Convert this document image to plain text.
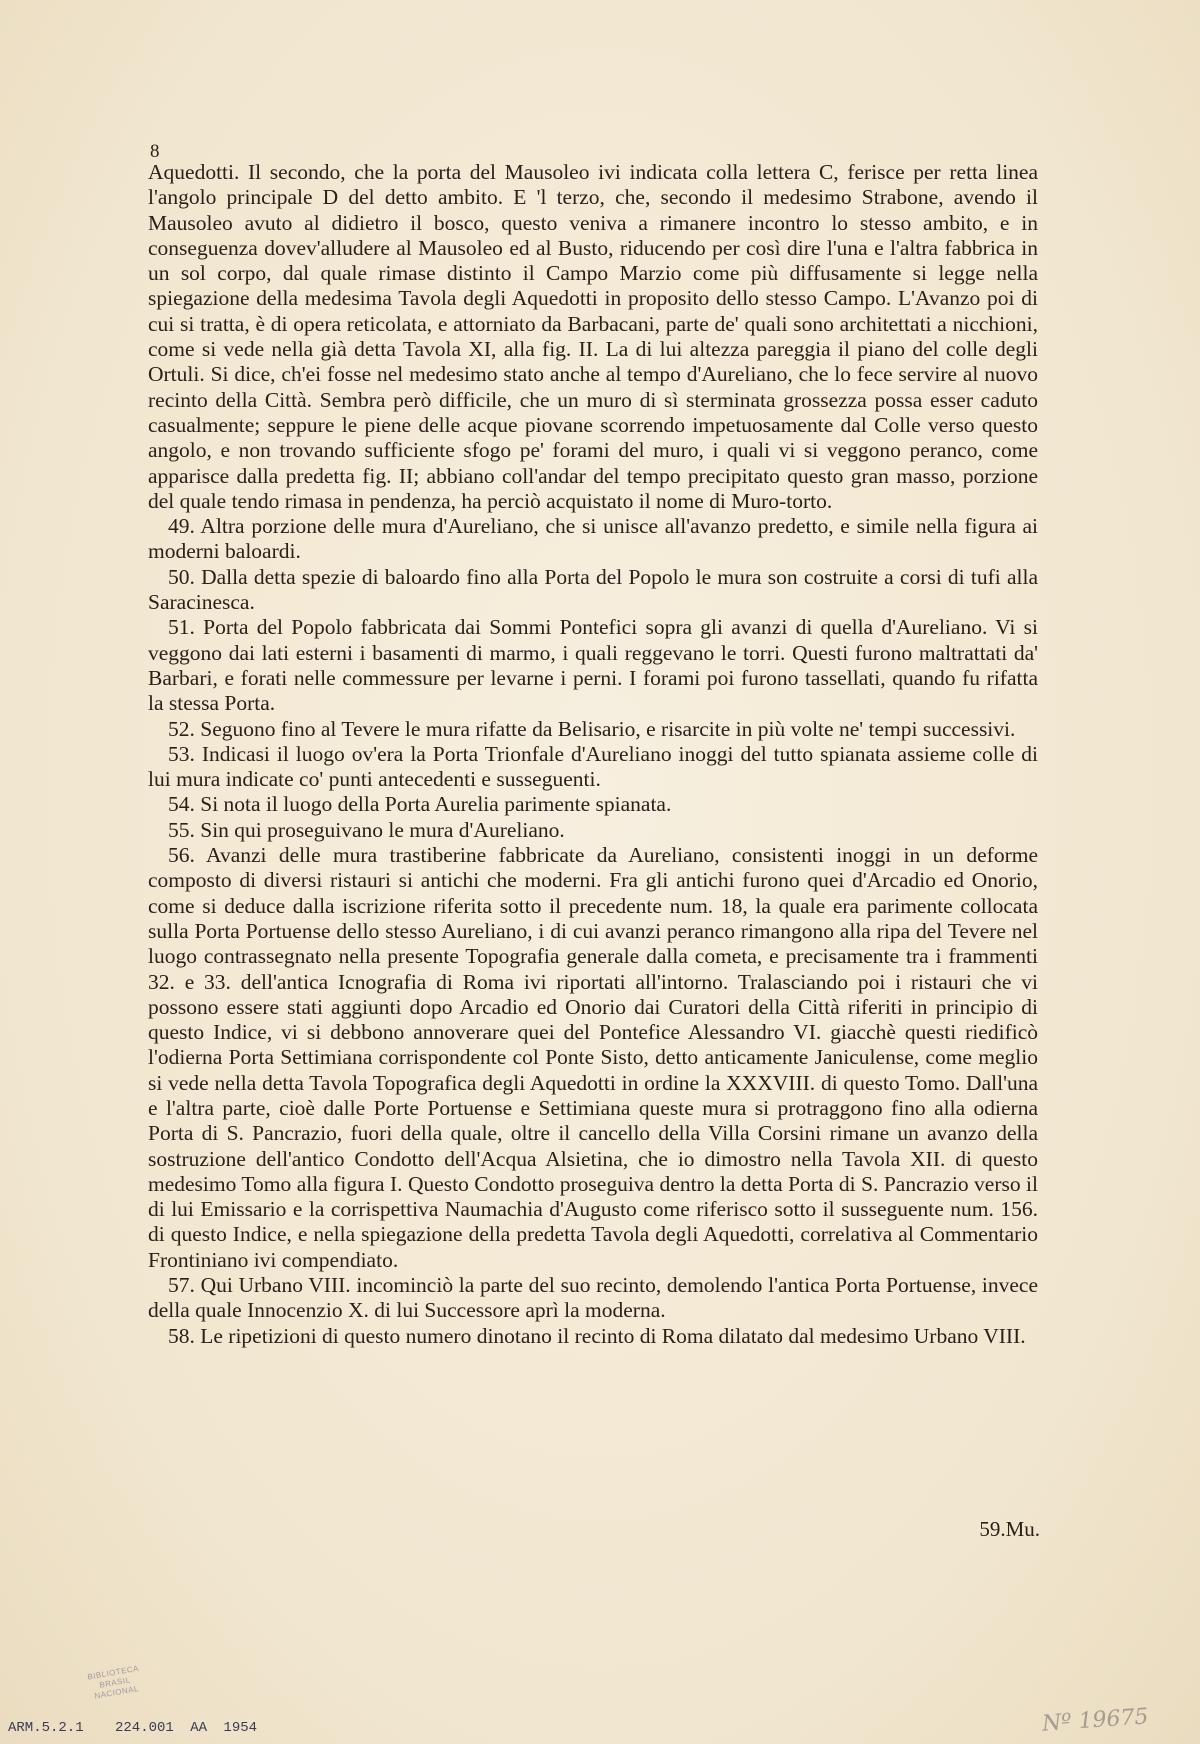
8

Aquedotti. Il secondo, che la porta del Mausoleo ivi indicata colla lettera C, ferisce per retta linea l'angolo principale D del detto ambito. E 'l terzo, che, secondo il medesimo Strabone, avendo il Mausoleo avuto al didietro il bosco, questo veniva a rimanere incontro lo stesso ambito, e in conseguenza dovev'alludere al Mausoleo ed al Busto, riducendo per così dire l'una e l'altra fabbrica in un sol corpo, dal quale rimase distinto il Campo Marzio come più diffusamente si legge nella spiegazione della medesima Tavola degli Aquedotti in proposito dello stesso Campo. L'Avanzo poi di cui si tratta, è di opera reticolata, e attorniato da Barbacani, parte de' quali sono architettati a nicchioni, come si vede nella già detta Tavola XI, alla fig. II. La di lui altezza pareggia il piano del colle degli Ortuli. Si dice, ch'ei fosse nel medesimo stato anche al tempo d'Aureliano, che lo fece servire al nuovo recinto della Città. Sembra però difficile, che un muro di sì sterminata grossezza possa esser caduto casualmente; seppure le piene delle acque piovane scorrendo impetuosamente dal Colle verso questo angolo, e non trovando sufficiente sfogo pe' forami del muro, i quali vi si veggono peranco, come apparisce dalla predetta fig. II; abbiano coll'andar del tempo precipitato questo gran masso, porzione del quale tendo rimasa in pendenza, ha perciò acquistato il nome di Muro-torto.

49. Altra porzione delle mura d'Aureliano, che si unisce all'avanzo predetto, e simile nella figura ai moderni baloardi.

50. Dalla detta spezie di baloardo fino alla Porta del Popolo le mura son costruite a corsi di tufi alla Saracinesca.

51. Porta del Popolo fabbricata dai Sommi Pontefici sopra gli avanzi di quella d'Aureliano. Vi si veggono dai lati esterni i basamenti di marmo, i quali reggevano le torri. Questi furono maltrattati da' Barbari, e forati nelle commessure per levarne i perni. I forami poi furono tassellati, quando fu rifatta la stessa Porta.

52. Seguono fino al Tevere le mura rifatte da Belisario, e risarcite in più volte ne' tempi successivi.

53. Indicasi il luogo ov'era la Porta Trionfale d'Aureliano inoggi del tutto spianata assieme colle di lui mura indicate co' punti antecedenti e susseguenti.

54. Si nota il luogo della Porta Aurelia parimente spianata.

55. Sin qui proseguivano le mura d'Aureliano.

56. Avanzi delle mura trastiberine fabbricate da Aureliano, consistenti inoggi in un deforme composto di diversi ristauri si antichi che moderni. Fra gli antichi furono quei d'Arcadio ed Onorio, come si deduce dalla iscrizione riferita sotto il precedente num. 18, la quale era parimente collocata sulla Porta Portuense dello stesso Aureliano, i di cui avanzi peranco rimangono alla ripa del Tevere nel luogo contrassegnato nella presente Topografia generale dalla cometa, e precisamente tra i frammenti 32. e 33. dell'antica Icnografia di Roma ivi riportati all'intorno. Tralasciando poi i ristauri che vi possono essere stati aggiunti dopo Arcadio ed Onorio dai Curatori della Città riferiti in principio di questo Indice, vi si debbono annoverare quei del Pontefice Alessandro VI. giacchè questi riedificò l'odierna Porta Settimiana corrispondente col Ponte Sisto, detto anticamente Janiculense, come meglio si vede nella detta Tavola Topografica degli Aquedotti in ordine la XXXVIII. di questo Tomo. Dall'una e l'altra parte, cioè dalle Porte Portuense e Settimiana queste mura si protraggono fino alla odierna Porta di S. Pancrazio, fuori della quale, oltre il cancello della Villa Corsini rimane un avanzo della sostruzione dell'antico Condotto dell'Acqua Alsietina, che io dimostro nella Tavola XII. di questo medesimo Tomo alla figura I. Questo Condotto proseguiva dentro la detta Porta di S. Pancrazio verso il di lui Emissario e la corrispettiva Naumachia d'Augusto come riferisco sotto il susseguente num. 156. di questo Indice, e nella spiegazione della predetta Tavola degli Aquedotti, correlativa al Commentario Frontiniano ivi compendiato.

57. Qui Urbano VIII. incominciò la parte del suo recinto, demolendo l'antica Porta Portuense, invece della quale Innocenzio X. di lui Successore aprì la moderna.

58. Le ripetizioni di questo numero dinotano il recinto di Roma dilatato dal medesimo Urbano VIII.

59.Mu.
BIBLIOTECA BRASIL NACIONAL
ARM.5.2.1 224.001 AA 1954	Nº 19675
